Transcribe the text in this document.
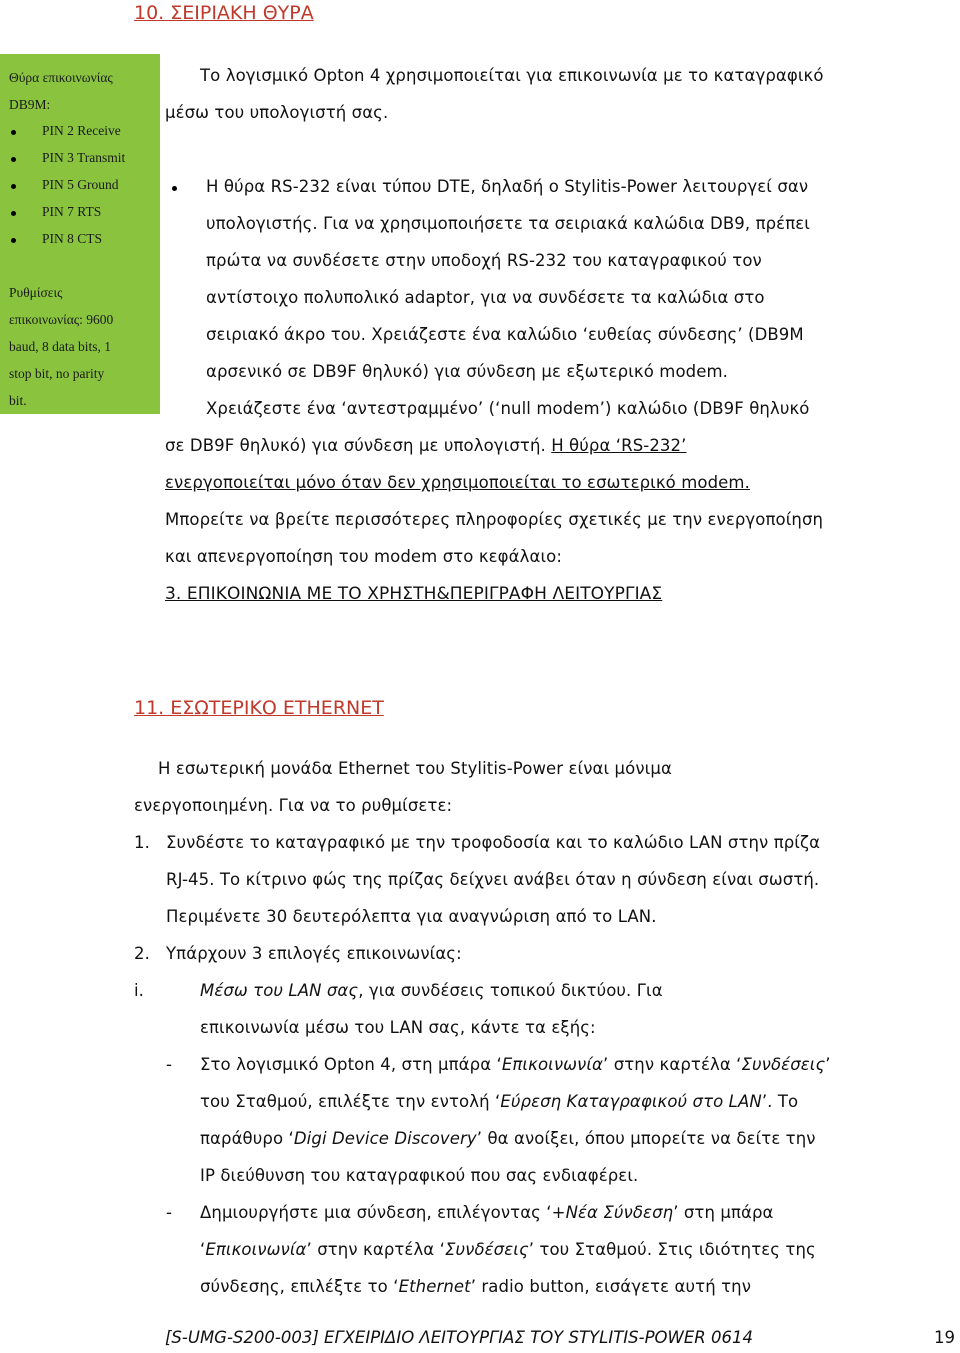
10. ΣΕΙΡΙΑΚΗ ΘΥΡΑ
Θύρα επικοινωνίας
DB9M:
PIN 2 Receive
PIN 3 Transmit
PIN 5 Ground
PIN 7 RTS
PIN 8 CTS
Ρυθμίσεις
επικοινωνίας: 9600
baud, 8 data bits, 1
stop bit, no parity
bit.
Το λογισμικό Opton 4 χρησιμοποιείται για επικοινωνία με το καταγραφικό
μέσω του υπολογιστή σας.
Η θύρα RS-232 είναι τύπου DTE, δηλαδή ο Stylitis-Power λειτουργεί σαν
υπολογιστής. Για να χρησιμοποιήσετε τα σειριακά καλώδια DB9, πρέπει
πρώτα να συνδέσετε στην υποδοχή RS-232 του καταγραφικού τον
αντίστοιχο πολυπολικό adaptor, για να συνδέσετε τα καλώδια στο
σειριακό άκρο του. Χρειάζεστε ένα καλώδιο ‘ευθείας σύνδεσης’ (DB9M
αρσενικό σε DB9F θηλυκό) για σύνδεση με εξωτερικό modem.
Χρειάζεστε ένα ‘αντεστραμμένο’ (‘null modem’) καλώδιο (DB9F θηλυκό
σε DB9F θηλυκό) για σύνδεση με υπολογιστή. Η θύρα ‘RS-232’
ενεργοποιείται μόνο όταν δεν χρησιμοποιείται το εσωτερικό modem.
Μπορείτε να βρείτε περισσότερες πληροφορίες σχετικές με την ενεργοποίηση
και απενεργοποίηση του modem στο κεφάλαιο:
3. ΕΠΙΚΟΙΝΩΝΙΑ ΜΕ ΤΟ ΧΡΗΣΤΗ&ΠΕΡΙΓΡΑΦΗ ΛΕΙΤΟΥΡΓΙΑΣ
11. ΕΣΩΤΕΡΙΚΟ ETHERNET
Η εσωτερική μονάδα Ethernet του Stylitis-Power είναι μόνιμα
ενεργοποιημένη. Για να το ρυθμίσετε:
1. Συνδέστε το καταγραφικό με την τροφοδοσία και το καλώδιο LAN στην πρίζα
RJ-45. Το κίτρινο φώς της πρίζας δείχνει ανάβει όταν η σύνδεση είναι σωστή.
Περιμένετε 30 δευτερόλεπτα για αναγνώριση από το LAN.
2. Υπάρχουν 3 επιλογές επικοινωνίας:
i.	Μέσω του LAN σας, για συνδέσεις τοπικού δικτύου. Για
επικοινωνία μέσω του LAN σας, κάντε τα εξής:
- Στο λογισμικό Opton 4, στη μπάρα ‘Επικοινωνία’ στην καρτέλα ‘Συνδέσεις’
του Σταθμού, επιλέξτε την εντολή ‘Εύρεση Καταγραφικού στο LAN’. Το
παράθυρο ‘Digi Device Discovery’ θα ανοίξει, όπου μπορείτε να δείτε την
IP διεύθυνση του καταγραφικού που σας ενδιαφέρει.
- Δημιουργήστε μια σύνδεση, επιλέγοντας ‘+Νέα Σύνδεση’ στη μπάρα
‘Επικοινωνία’ στην καρτέλα ‘Συνδέσεις’ του Σταθμού. Στις ιδιότητες της
σύνδεσης, επιλέξτε το ‘Ethernet’ radio button, εισάγετε αυτή την
[S-UMG-S200-003] ΕΓΧΕΙΡΙΔΙΟ ΛΕΙΤΟΥΡΓΙΑΣ ΤΟΥ STYLITIS-POWER 0614	19
